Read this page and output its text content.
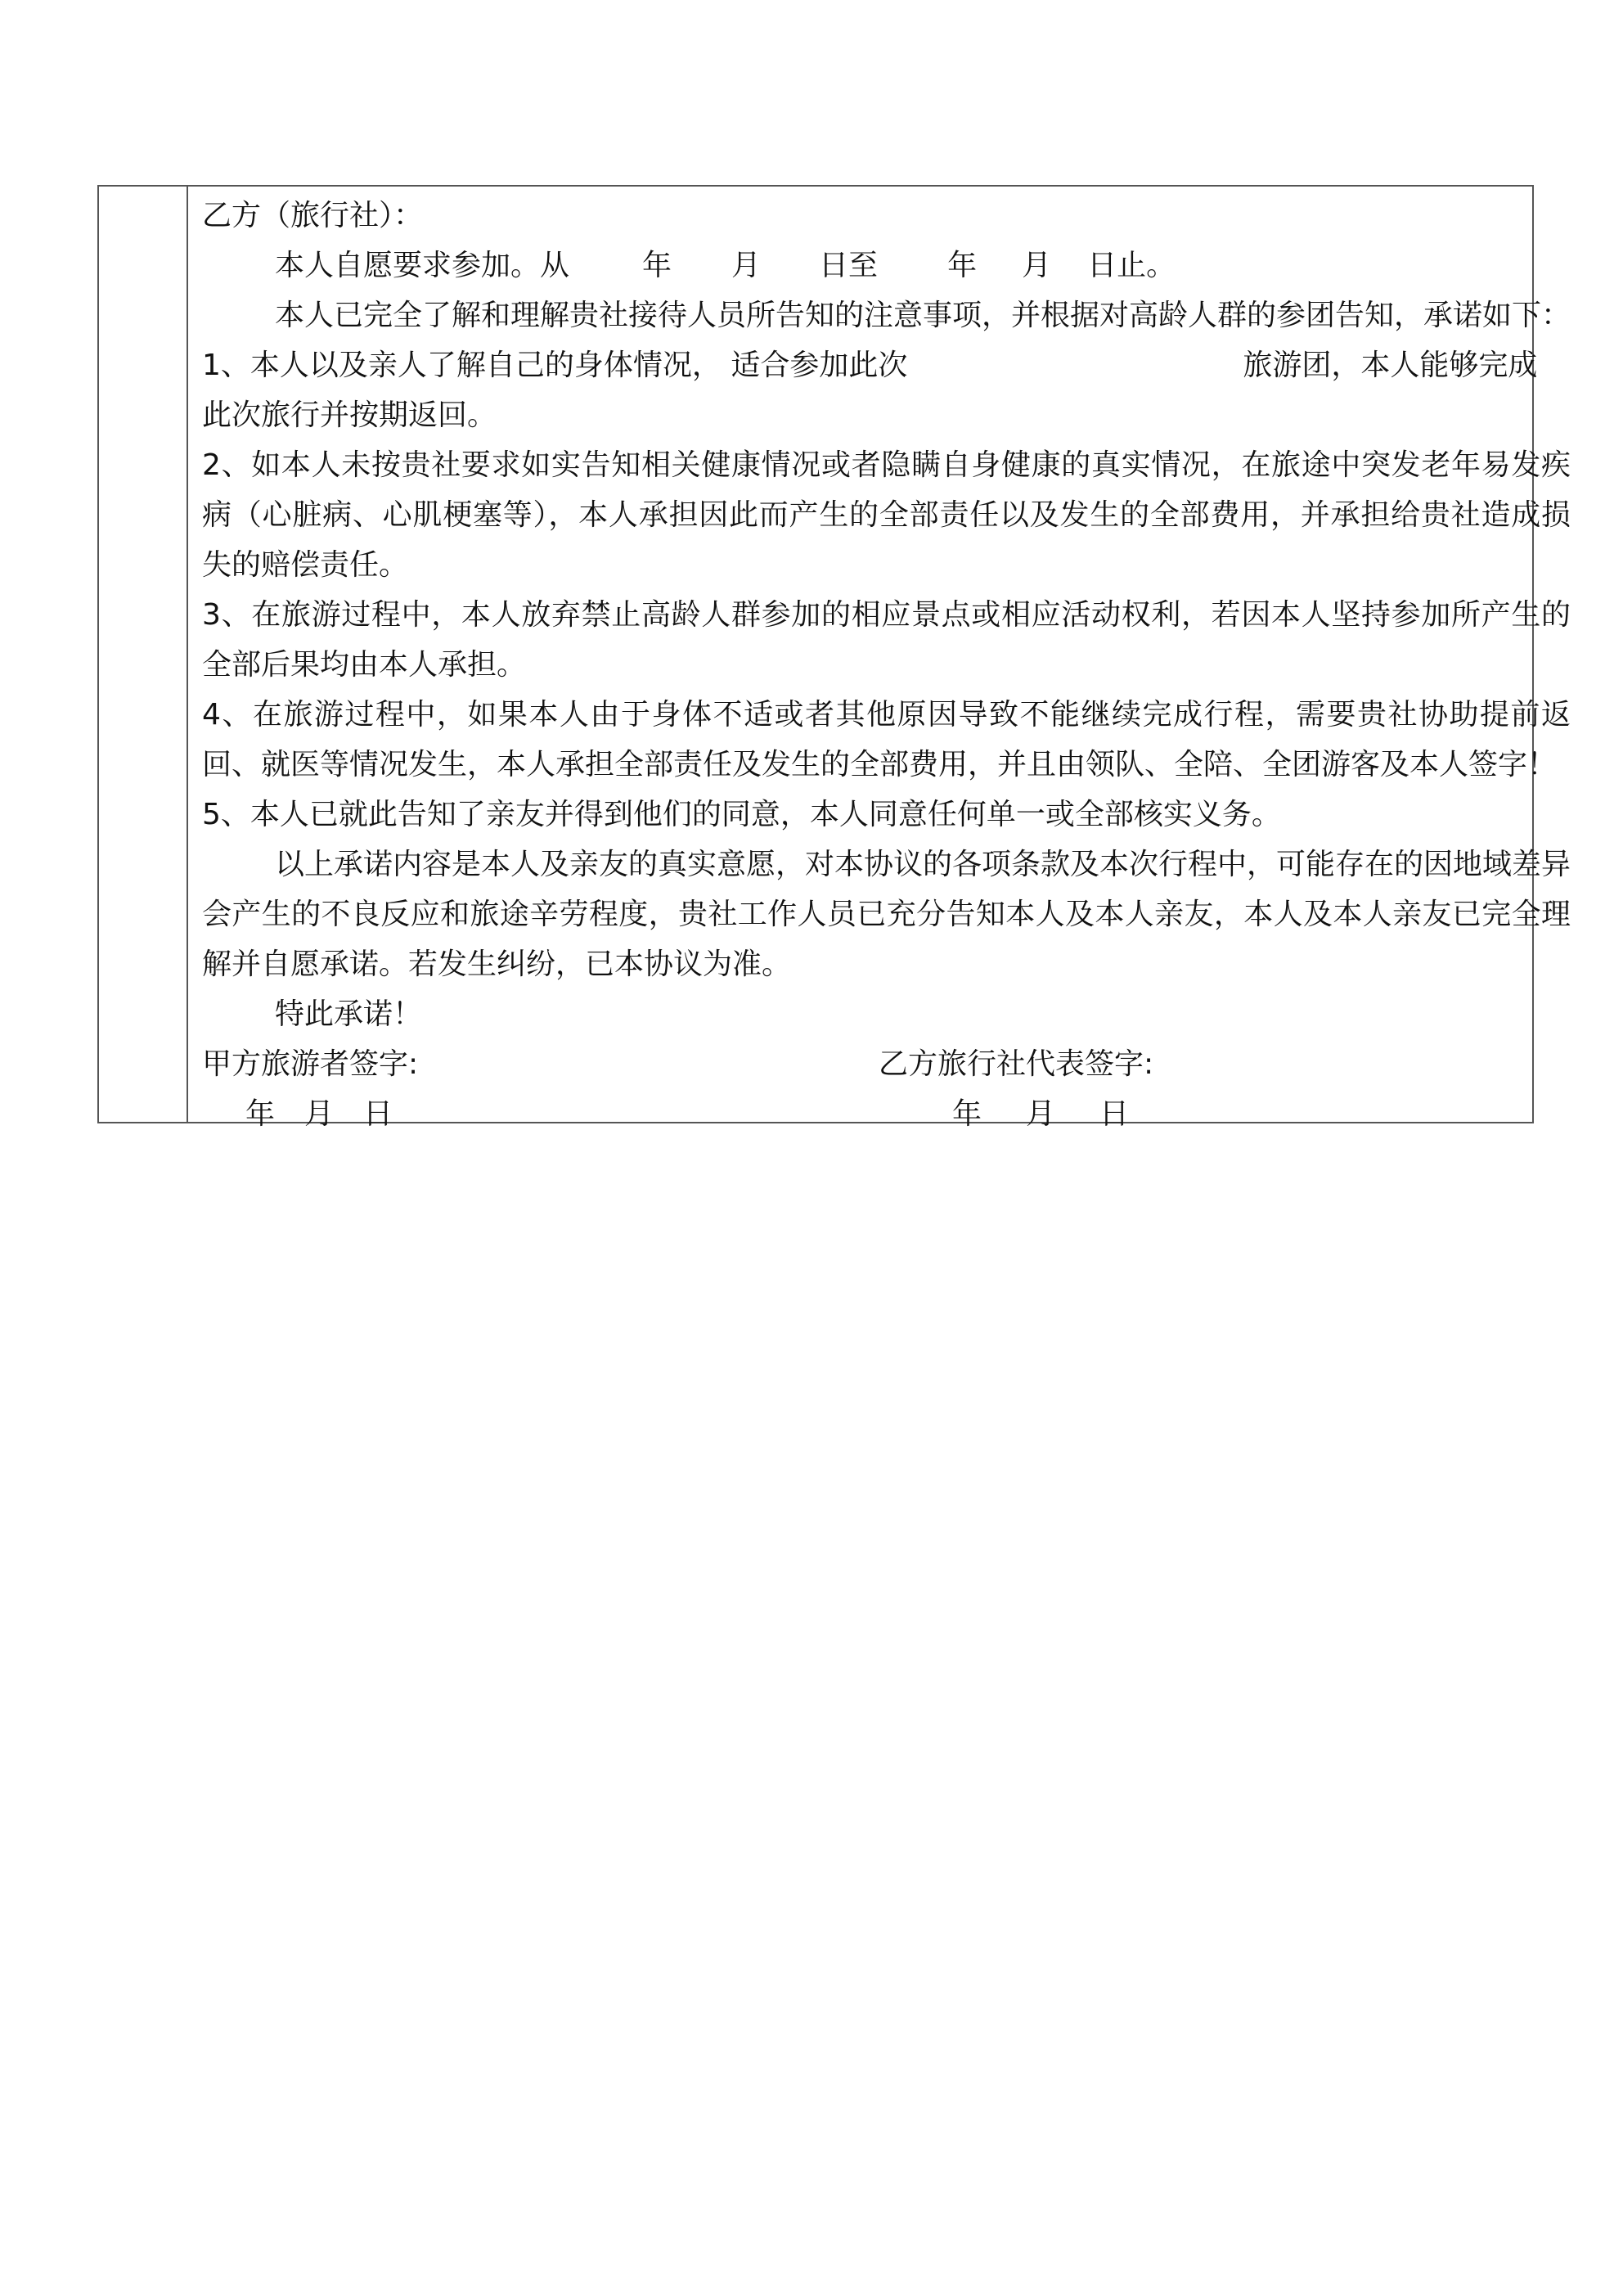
乙方（旅行社）：
本人自愿要求参加。从 年 月 日至 年 月 日止。
本人已完全了解和理解贵社接待人员所告知的注意事项，并根据对高龄人群的参团告知，承诺如下：
1、本人以及亲人了解自己的身体情况， 适合参加此次	旅游团，本人能够完成
此次旅行并按期返回。
2、如本人未按贵社要求如实告知相关健康情况或者隐瞒自身健康的真实情况，在旅途中突发老年易发疾病（心脏病、心肌梗塞等），本人承担因此而产生的全部责任以及发生的全部费用，并承担给贵社造成损失的赔偿责任。
3、在旅游过程中，本人放弃禁止高龄人群参加的相应景点或相应活动权利，若因本人坚持参加所产生的全部后果均由本人承担。
4、在旅游过程中，如果本人由于身体不适或者其他原因导致不能继续完成行程，需要贵社协助提前返回、就医等情况发生，本人承担全部责任及发生的全部费用，并且由领队、全陪、全团游客及本人签字！
5、本人已就此告知了亲友并得到他们的同意，本人同意任何单一或全部核实义务。
以上承诺内容是本人及亲友的真实意愿，对本协议的各项条款及本次行程中，可能存在的因地域差异会产生的不良反应和旅途辛劳程度，贵社工作人员已充分告知本人及本人亲友，本人及本人亲友已完全理解并自愿承诺。若发生纠纷，已本协议为准。
特此承诺！
甲方旅游者签字:	乙方旅行社代表签字:
年 月 日	年 月 日
